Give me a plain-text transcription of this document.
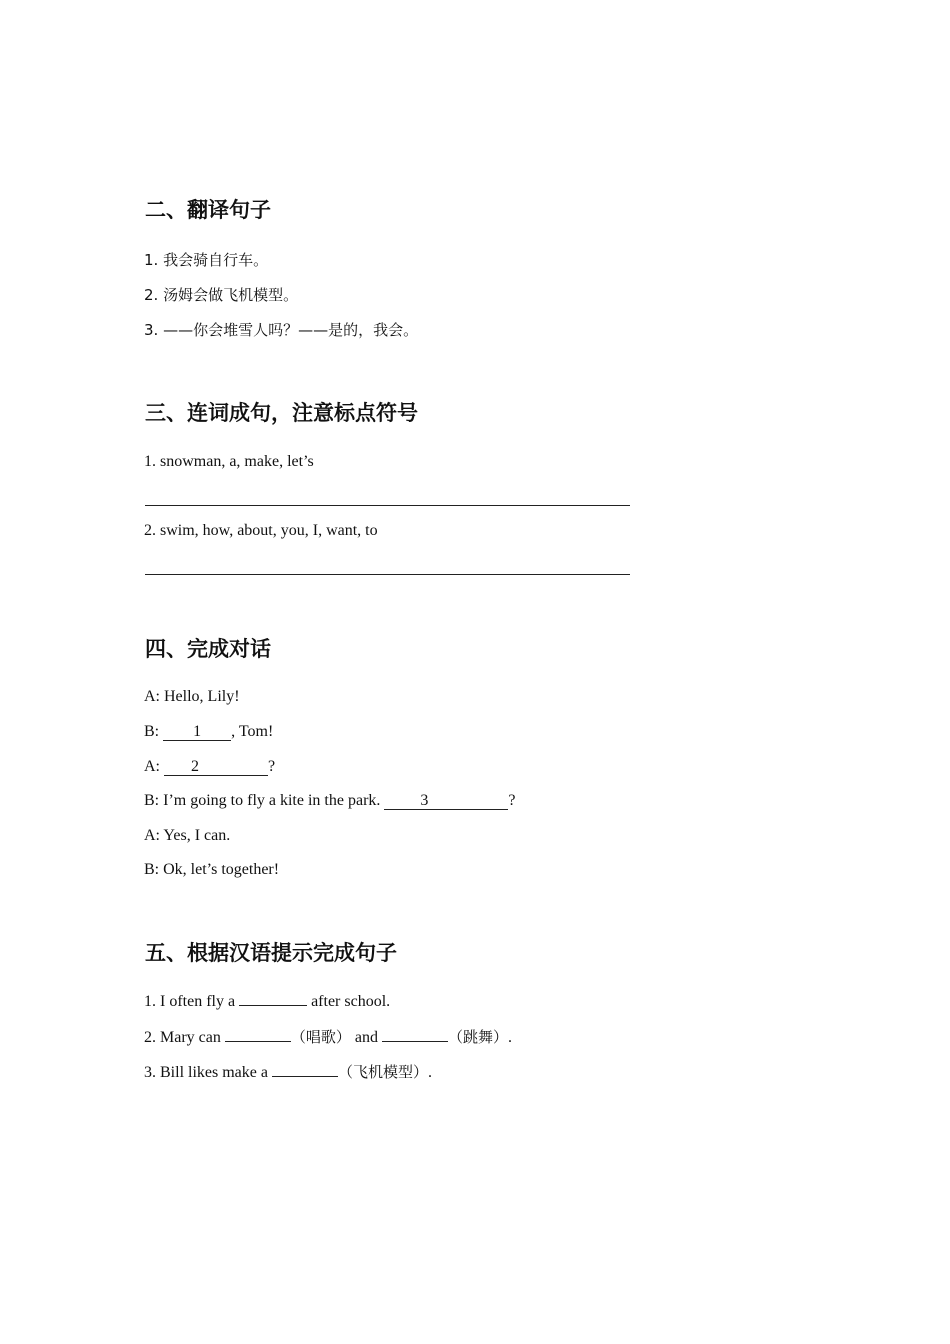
二、翻译句子
1. 我会骑自行车。
2. 汤姆会做飞机模型。
3. ——你会堆雪人吗？——是的，我会。
三、连词成句，注意标点符号
1. snowman, a, make, let’s
2. swim, how, about, you, I, want, to
四、完成对话
A: Hello, Lily!
B: 1 , Tom!
A: 2	?
B: I’m going to fly a kite in the park. 3	?
A: Yes, I can.
B: Ok, let’s together!
五、根据汉语提示完成句子
1. I often fly a	after school.
2. Mary can	（唱歌） and	（跳舞）.
3. Bill likes make a	（飞机模型）.
